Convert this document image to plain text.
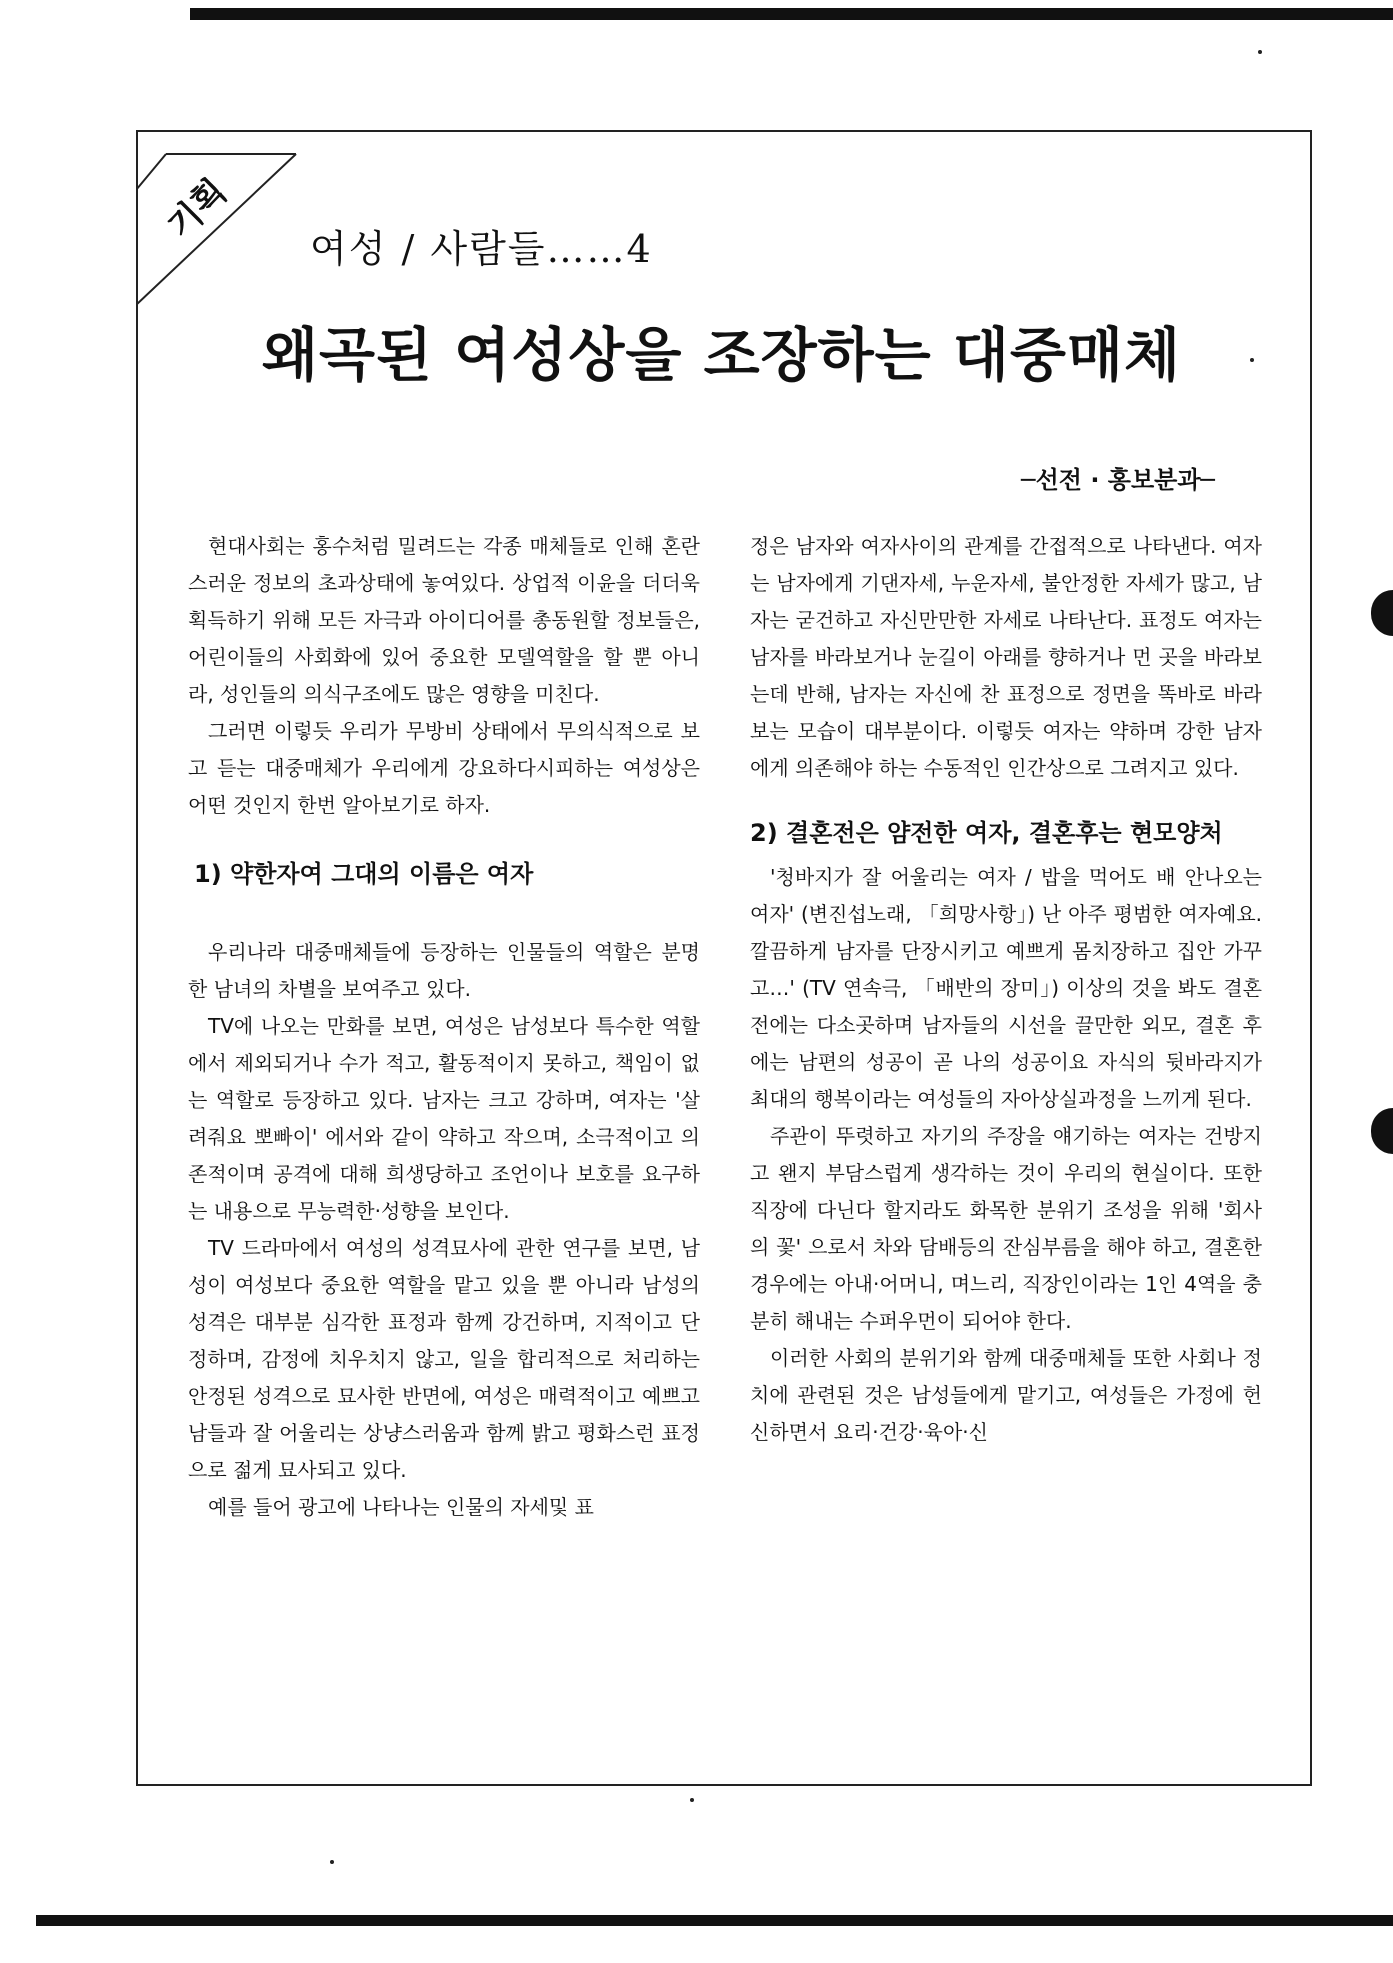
기획
여성 / 사람들……4
왜곡된 여성상을 조장하는 대중매체
─선전 · 홍보분과─

현대사회는 홍수처럼 밀려드는 각종 매체들로 인해 혼란스러운 정보의 초과상태에 놓여있다. 상업적 이윤을 더더욱 획득하기 위해 모든 자극과 아이디어를 총동원할 정보들은, 어린이들의 사회화에 있어 중요한 모델역할을 할 뿐 아니라, 성인들의 의식구조에도 많은 영향을 미친다.

그러면 이렇듯 우리가 무방비 상태에서 무의식적으로 보고 듣는 대중매체가 우리에게 강요하다시피하는 여성상은 어떤 것인지 한번 알아보기로 하자.

1) 약한자여 그대의 이름은 여자

우리나라 대중매체들에 등장하는 인물들의 역할은 분명한 남녀의 차별을 보여주고 있다.

TV에 나오는 만화를 보면, 여성은 남성보다 특수한 역할에서 제외되거나 수가 적고, 활동적이지 못하고, 책임이 없는 역할로 등장하고 있다. 남자는 크고 강하며, 여자는 '살려줘요 뽀빠이' 에서와 같이 약하고 작으며, 소극적이고 의존적이며 공격에 대해 희생당하고 조언이나 보호를 요구하는 내용으로 무능력한·성향을 보인다.

TV 드라마에서 여성의 성격묘사에 관한 연구를 보면, 남성이 여성보다 중요한 역할을 맡고 있을 뿐 아니라 남성의 성격은 대부분 심각한 표정과 함께 강건하며, 지적이고 단정하며, 감정에 치우치지 않고, 일을 합리적으로 처리하는 안정된 성격으로 묘사한 반면에, 여성은 매력적이고 예쁘고 남들과 잘 어울리는 상냥스러움과 함께 밝고 평화스런 표정으로 젊게 묘사되고 있다.

예를 들어 광고에 나타나는 인물의 자세및 표

정은 남자와 여자사이의 관계를 간접적으로 나타낸다. 여자는 남자에게 기댄자세, 누운자세, 불안정한 자세가 많고, 남자는 굳건하고 자신만만한 자세로 나타난다. 표정도 여자는 남자를 바라보거나 눈길이 아래를 향하거나 먼 곳을 바라보는데 반해, 남자는 자신에 찬 표정으로 정면을 똑바로 바라보는 모습이 대부분이다. 이렇듯 여자는 약하며 강한 남자에게 의존해야 하는 수동적인 인간상으로 그려지고 있다.

2) 결혼전은 얌전한 여자, 결혼후는 현모양처

'청바지가 잘 어울리는 여자 / 밥을 먹어도 배 안나오는 여자' (변진섭노래, 「희망사항」) 난 아주 평범한 여자예요. 깔끔하게 남자를 단장시키고 예쁘게 몸치장하고 집안 가꾸고…' (TV 연속극, 「배반의 장미」) 이상의 것을 봐도 결혼 전에는 다소곳하며 남자들의 시선을 끌만한 외모, 결혼 후에는 남편의 성공이 곧 나의 성공이요 자식의 뒷바라지가 최대의 행복이라는 여성들의 자아상실과정을 느끼게 된다.

주관이 뚜렷하고 자기의 주장을 얘기하는 여자는 건방지고 왠지 부담스럽게 생각하는 것이 우리의 현실이다. 또한 직장에 다닌다 할지라도 화목한 분위기 조성을 위해 '회사의 꽃' 으로서 차와 담배등의 잔심부름을 해야 하고, 결혼한 경우에는 아내·어머니, 며느리, 직장인이라는 1인 4역을 충분히 해내는 수퍼우먼이 되어야 한다.

이러한 사회의 분위기와 함께 대중매체들 또한 사회나 정치에 관련된 것은 남성들에게 맡기고, 여성들은 가정에 헌신하면서 요리·건강·육아·신
